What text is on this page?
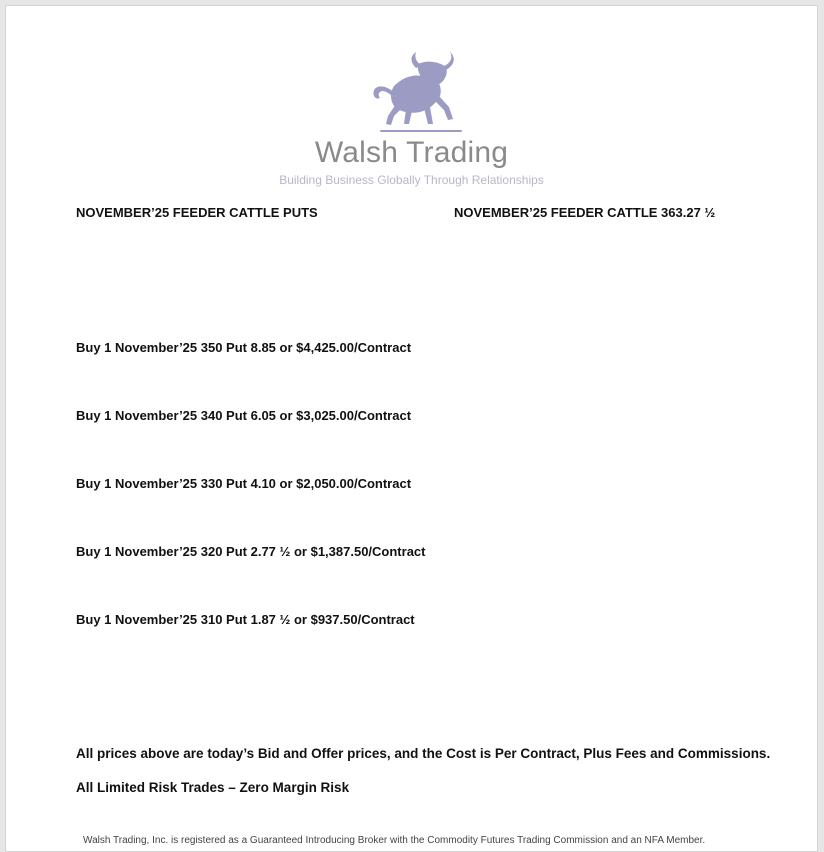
Walsh Trading
Building Business Globally Through Relationships
NOVEMBER’25 FEEDER CATTLE PUTS	NOVEMBER’25 FEEDER CATTLE 363.27 ½
Buy 1 November’25 350 Put 8.85 or $4,425.00/Contract
Buy 1 November’25 340 Put 6.05 or $3,025.00/Contract
Buy 1 November’25 330 Put 4.10 or $2,050.00/Contract
Buy 1 November’25 320 Put 2.77 ½ or $1,387.50/Contract
Buy 1 November’25 310 Put 1.87 ½ or $937.50/Contract
All prices above are today’s Bid and Offer prices, and the Cost is Per Contract, Plus Fees and Commissions.
All Limited Risk Trades – Zero Margin Risk
Walsh Trading, Inc. is registered as a Guaranteed Introducing Broker with the Commodity Futures Trading Commission and an NFA Member.
